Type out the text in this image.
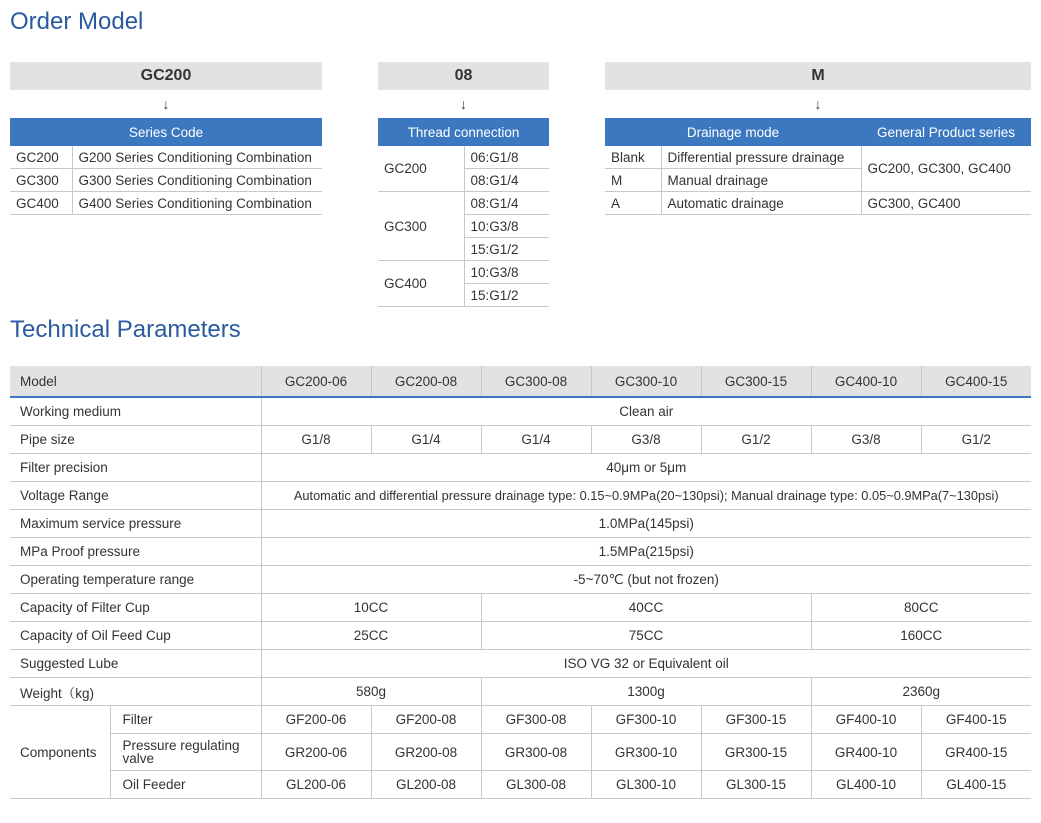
Order Model
GC200
↓
Series Code	
GC200	G200 Series Conditioning Combination
GC300	G300 Series Conditioning Combination
GC400	G400 Series Conditioning Combination
08
↓
Thread connection	
GC200	06:G1/8
	08:G1/4
GC300	08:G1/4
	10:G3/8
	15:G1/2
GC400	10:G3/8
	15:G1/2
M
↓
Drainage mode		General Product series
Blank	Differential pressure drainage	GC200, GC300, GC400
M	Manual drainage	
A	Automatic drainage	GC300, GC400
Technical Parameters
Model		GC200-06	GC200-08	GC300-08	GC300-10	GC300-15	GC400-10	GC400-15
Working medium		Clean air						
Pipe size		G1/8	G1/4	G1/4	G3/8	G1/2	G3/8	G1/2
Filter precision		40μm or 5μm						
Voltage Range		Automatic and differential pressure drainage type: 0.15~0.9MPa(20~130psi); Manual drainage type: 0.05~0.9MPa(7~130psi)						
Maximum service pressure		1.0MPa(145psi)						
MPa Proof pressure		1.5MPa(215psi)						
Operating temperature range		-5~70℃ (but not frozen)						
Capacity of Filter Cup		10CC		40CC			80CC	
Capacity of Oil Feed Cup		25CC		75CC			160CC	
Suggested Lube		ISO VG 32 or Equivalent oil						
Weight（kg)		580g		1300g			2360g	
Components	Filter	GF200-06	GF200-08	GF300-08	GF300-10	GF300-15	GF400-10	GF400-15

	Pressure regulating valve	GR200-06	GR200-08	GR300-08	GR300-10	GR300-15	GR400-10	GR400-15
	Oil Feeder	GL200-06	GL200-08	GL300-08	GL300-10	GL300-15	GL400-10	GL400-15
